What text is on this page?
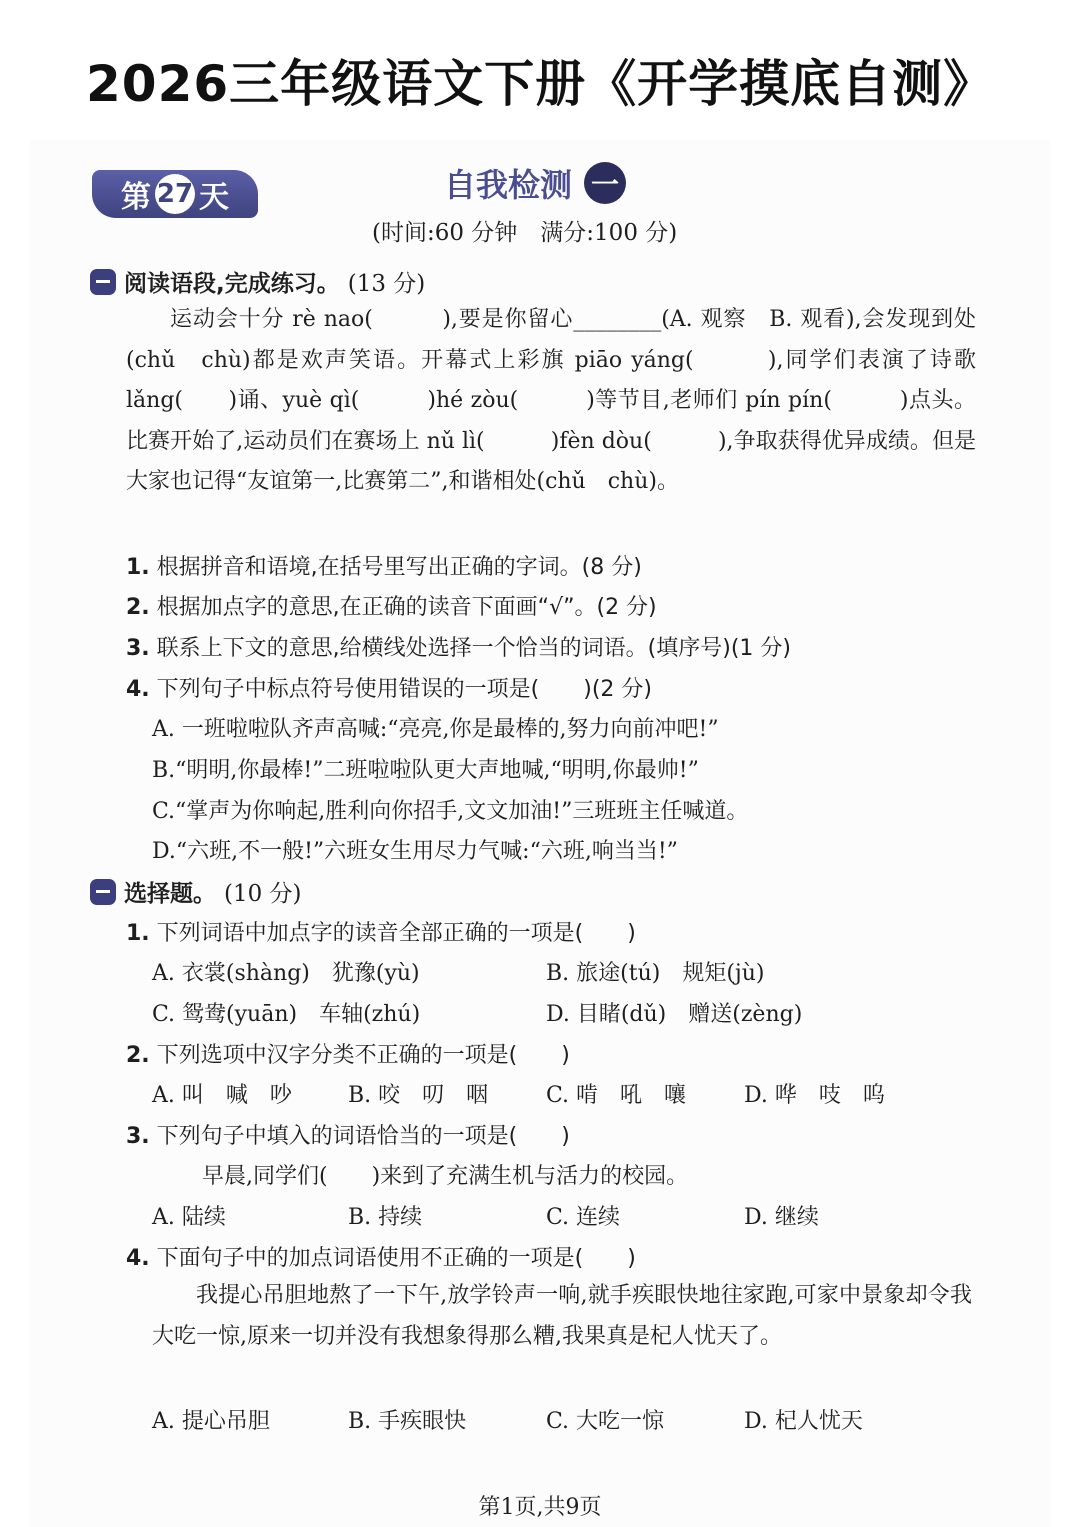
2026三年级语文下册《开学摸底自测》
第 27 天	自我检测 一
(时间:60 分钟　满分:100 分)
阅读语段,完成练习。 (13 分)

运动会十分 rè nao(　　　),要是你留心________(A. 观察　B. 观看),会发现到处(chǔ　chù)都是欢声笑语。开幕式上彩旗 piāo yáng(　　　),同学们表演了诗歌 lǎng(　　)诵、yuè qì(　　　)hé zòu(　　　)等节目,老师们 pín pín(　　　)点头。比赛开始了,运动员们在赛场上 nǔ lì(　　　)fèn dòu(　　　),争取获得优异成绩。但是大家也记得“友谊第一,比赛第二”,和谐相处(chǔ　chù)。

1. 根据拼音和语境,在括号里写出正确的字词。(8 分)
2. 根据加点字的意思,在正确的读音下面画“√”。(2 分)
3. 联系上下文的意思,给横线处选择一个恰当的词语。(填序号)(1 分)
4. 下列句子中标点符号使用错误的一项是(　　)(2 分)
A. 一班啦啦队齐声高喊:“亮亮,你是最棒的,努力向前冲吧!”
B.“明明,你最棒!”二班啦啦队更大声地喊,“明明,你最帅!”
C.“掌声为你响起,胜利向你招手,文文加油!”三班班主任喊道。
D.“六班,不一般!”六班女生用尽力气喊:“六班,响当当!”
选择题。 (10 分)
1. 下列词语中加点字的读音全部正确的一项是(　　)
A. 衣裳(shàng)　犹豫(yù)	B. 旅途(tú)　规矩(jù)
C. 鸳鸯(yuān)　车轴(zhú)	D. 目睹(dǔ)　赠送(zèng)
2. 下列选项中汉字分类不正确的一项是(　　)
A. 叫　喊　吵	B. 咬　叨　咽	C. 啃　吼　嚷	D. 哗　吱　呜
3. 下列句子中填入的词语恰当的一项是(　　)
早晨,同学们(　　)来到了充满生机与活力的校园。
A. 陆续	B. 持续	C. 连续	D. 继续
4. 下面句子中的加点词语使用不正确的一项是(　　)

我提心吊胆地熬了一下午,放学铃声一响,就手疾眼快地往家跑,可家中景象却令我大吃一惊,原来一切并没有我想象得那么糟,我果真是杞人忧天了。

A. 提心吊胆	B. 手疾眼快	C. 大吃一惊	D. 杞人忧天
第1页,共9页
